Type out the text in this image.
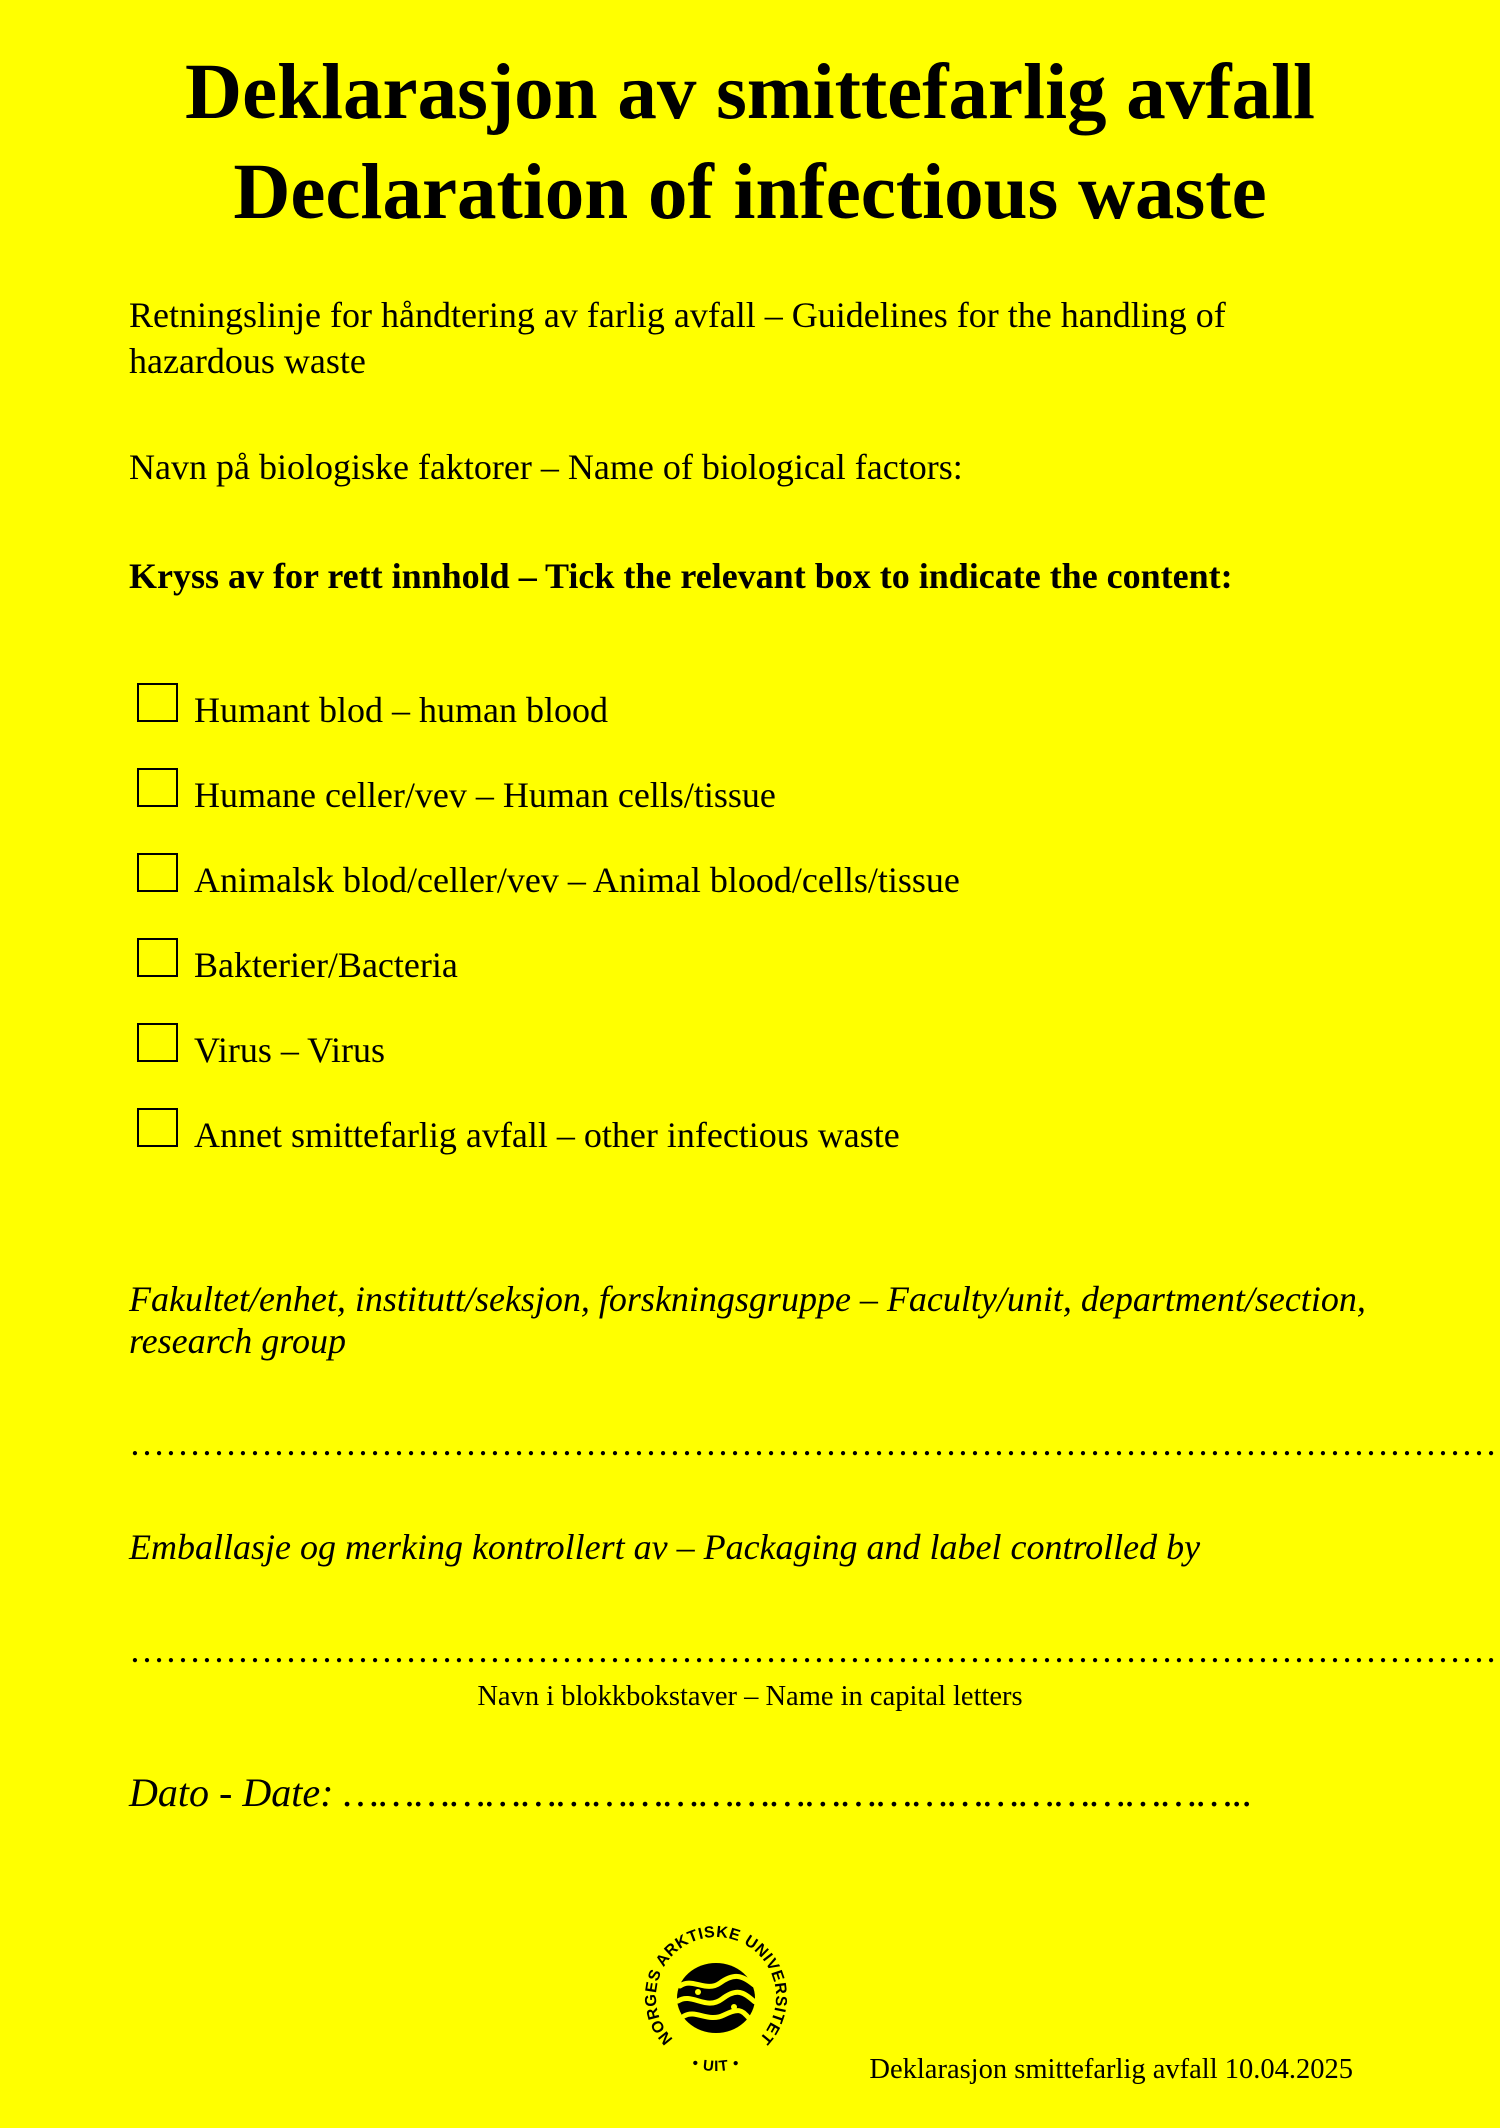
Deklarasjon av smittefarlig avfall
Declaration of infectious waste
Retningslinje for håndtering av farlig avfall – Guidelines for the handling of
hazardous waste
Navn på biologiske faktorer – Name of biological factors:
Kryss av for rett innhold – Tick the relevant box to indicate the content:
Humant blod – human blood
Humane celler/vev – Human cells/tissue
Animalsk blod/celler/vev – Animal blood/cells/tissue
Bakterier/Bacteria
Virus – Virus
Annet smittefarlig avfall – other infectious waste
Fakultet/enhet, institutt/seksjon, forskningsgruppe – Faculty/unit, department/section,
research group
……………………………………………………………………………………………………
Emballasje og merking kontrollert av – Packaging and label controlled by
……………………………………………………………………………………………………
Navn i blokkbokstaver – Name in capital letters
Dato - Date: …………………………………………………………………..
NORGES ARKTISKE UNIVERSITET
• UIT •	Deklarasjon smittefarlig avfall 10.04.2025
